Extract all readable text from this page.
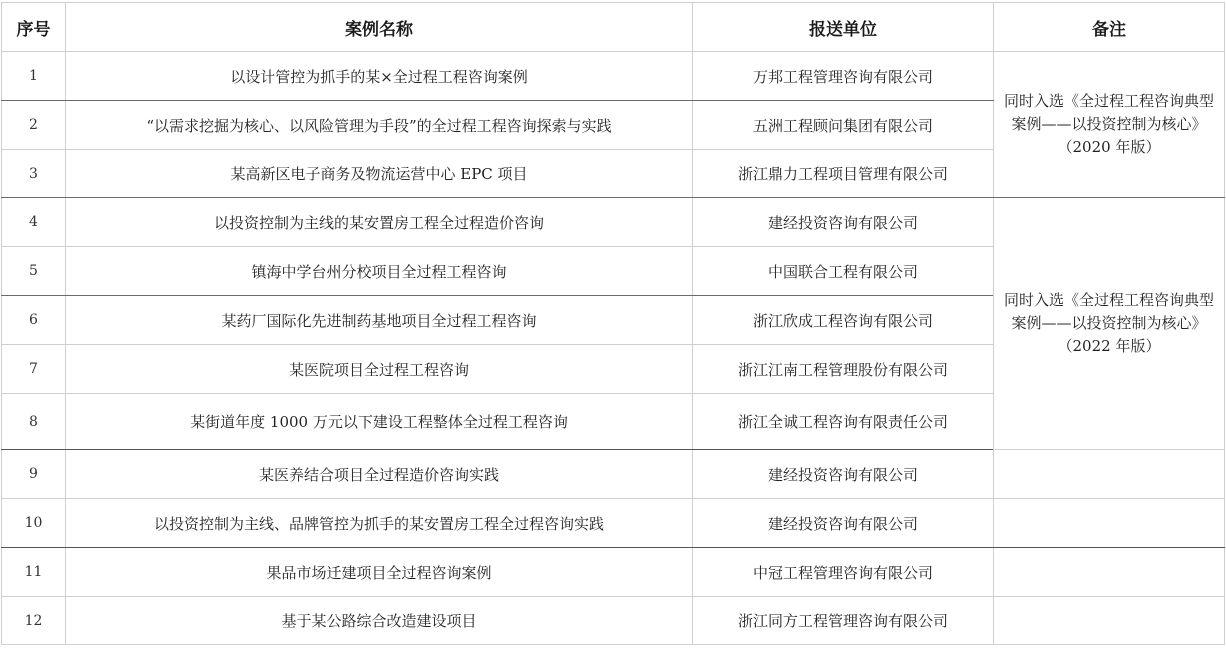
序号	案例名称	报送单位	备注
1	以设计管控为抓手的某×全过程工程咨询案例	万邦工程管理咨询有限公司	同时入选《全过程工程咨询典型案例——以投资控制为核心》（2020 年版）
2	“以需求挖掘为核心、以风险管理为手段”的全过程工程咨询探索与实践	五洲工程顾问集团有限公司	
3	某高新区电子商务及物流运营中心 EPC 项目	浙江鼎力工程项目管理有限公司	
4	以投资控制为主线的某安置房工程全过程造价咨询	建经投资咨询有限公司	同时入选《全过程工程咨询典型案例——以投资控制为核心》（2022 年版）
5	镇海中学台州分校项目全过程工程咨询	中国联合工程有限公司	
6	某药厂国际化先进制药基地项目全过程工程咨询	浙江欣成工程咨询有限公司	
7	某医院项目全过程工程咨询	浙江江南工程管理股份有限公司	
8	某街道年度 1000 万元以下建设工程整体全过程工程咨询	浙江全诚工程咨询有限责任公司	
9	某医养结合项目全过程造价咨询实践	建经投资咨询有限公司	
10	以投资控制为主线、品牌管控为抓手的某安置房工程全过程咨询实践	建经投资咨询有限公司	
11	果品市场迁建项目全过程咨询案例	中冠工程管理咨询有限公司	
12	基于某公路综合改造建设项目	浙江同方工程管理咨询有限公司	
